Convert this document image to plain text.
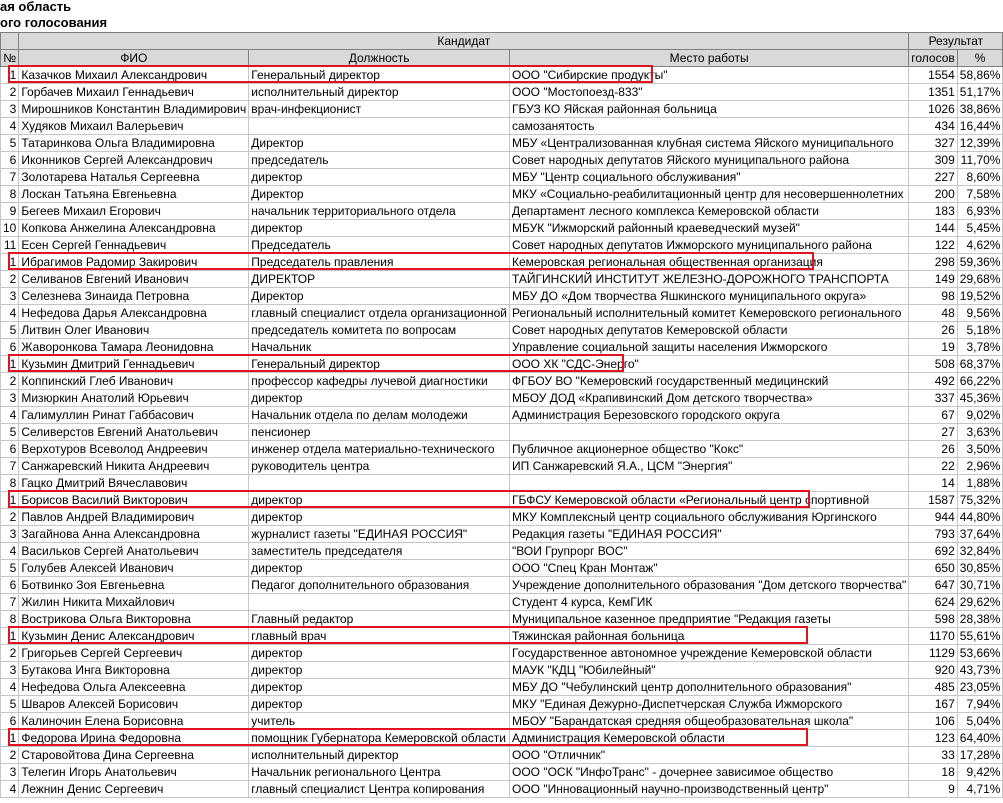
ая область
ого голосования
	Кандидат			Результат	
№	ФИО	Должность	Место работы	голосов	%
1	Казачков Михаил Александрович	Генеральный директор	ООО "Сибирские продукты"	1554	58,86%
2	Горбачев Михаил Геннадьевич	исполнительный директор	ООО "Мостопоезд-833"	1351	51,17%
3	Мирошников Константин Владимирович	врач-инфекционист	ГБУЗ КО Яйская районная больница	1026	38,86%
4	Худяков Михаил Валерьевич		самозанятость	434	16,44%
5	Татаринкова Ольга Владимировна	Директор	МБУ «Централизованная клубная система Яйского муниципального	327	12,39%
6	Иконников Сергей Александрович	председатель	Совет народных депутатов Яйского муниципального района	309	11,70%
7	Золотарева Наталья Сергеевна	директор	МБУ "Центр социального обслуживания"	227	8,60%
8	Лоскан Татьяна Евгеньевна	Директор	МКУ «Социально-реабилитационный центр для несовершеннолетних	200	7,58%
9	Бегеев Михаил Егорович	начальник территориального отдела	Департамент лесного комплекса Кемеровской области	183	6,93%
10	Копкова Анжелина Александровна	директор	МБУК "Ижморский районный краеведческий музей"	144	5,45%
11	Есен Сергей Геннадьевич	Председатель	Совет народных депутатов Ижморского муниципального района	122	4,62%
1	Ибрагимов Радомир Закирович	Председатель правления	Кемеровская региональная общественная организация	298	59,36%
2	Селиванов Евгений Иванович	ДИРЕКТОР	ТАЙГИНСКИЙ ИНСТИТУТ ЖЕЛЕЗНО-ДОРОЖНОГО ТРАНСПОРТА	149	29,68%
3	Селезнева Зинаида Петровна	Директор	МБУ ДО «Дом творчества Яшкинского муниципального округа»	98	19,52%
4	Нефедова Дарья Александровна	главный специалист отдела организационной	Региональный исполнительный комитет Кемеровского регионального	48	9,56%
5	Литвин Олег Иванович	председатель комитета по вопросам	Совет народных депутатов Кемеровской области	26	5,18%
6	Жаворонкова Тамара Леонидовна	Начальник	Управление социальной защиты населения Ижморского	19	3,78%
1	Кузьмин Дмитрий Геннадьевич	Генеральный директор	ООО ХК "СДС-Энерго"	508	68,37%
2	Коппинский Глеб Иванович	профессор кафедры лучевой диагностики	ФГБОУ ВО "Кемеровский государственный медицинский	492	66,22%
3	Мизюркин Анатолий Юрьевич	директор	МБОУ ДОД «Крапивинский Дом детского творчества»	337	45,36%
4	Галимуллин Ринат Габбасович	Начальник отдела по делам молодежи	Администрация Березовского городского округа	67	9,02%
5	Селиверстов Евгений Анатольевич	пенсионер		27	3,63%
6	Верхотуров Всеволод Андреевич	инженер отдела материально-технического	Публичное акционерное общество "Кокс"	26	3,50%
7	Санжаревский Никита Андреевич	руководитель центра	ИП Санжаревский Я.А., ЦСМ "Энергия"	22	2,96%
8	Гацко Дмитрий Вячеславович			14	1,88%
1	Борисов Василий Викторович	директор	ГБФСУ Кемеровской области «Региональный центр спортивной	1587	75,32%
2	Павлов Андрей Владимирович	директор	МКУ Комплексный центр социального обслуживания Юргинского	944	44,80%
3	Загайнова Анна Александровна	журналист газеты "ЕДИНАЯ РОССИЯ"	Редакция газеты "ЕДИНАЯ РОССИЯ"	793	37,64%
4	Васильков Сергей Анатольевич	заместитель председателя	"ВОИ Групрорг ВОС"	692	32,84%
5	Голубев Алексей Иванович	директор	ООО "Спец Кран Монтаж"	650	30,85%
6	Ботвинко Зоя Евгеньевна	Педагог дополнительного образования	Учреждение дополнительного образования "Дом детского творчества"	647	30,71%
7	Жилин Никита Михайлович		Студент 4 курса, КемГИК	624	29,62%
8	Вострикова Ольга Викторовна	Главный редактор	Муниципальное казенное предприятие "Редакция газеты	598	28,38%
1	Кузьмин Денис Александрович	главный врач	Тяжинская районная больница	1170	55,61%
2	Григорьев Сергей Сергеевич	директор	Государственное автономное учреждение Кемеровской области	1129	53,66%
3	Бутакова Инга Викторовна	директор	МАУК "КДЦ "Юбилейный"	920	43,73%
4	Нефедова Ольга Алексеевна	директор	МБУ ДО "Чебулинский центр дополнительного образования"	485	23,05%
5	Шваров Алексей Борисович	директор	МКУ "Единая Дежурно-Диспетчерская Служба Ижморского	167	7,94%
6	Калиночин Елена Борисовна	учитель	МБОУ "Барандатская средняя общеобразовательная школа"	106	5,04%
1	Федорова Ирина Федоровна	помощник Губернатора Кемеровской области	Администрация Кемеровской области	123	64,40%
2	Старовойтова Дина Сергеевна	исполнительный директор	ООО "Отличник"	33	17,28%
3	Телегин Игорь Анатольевич	Начальник регионального Центра	ООО "ОСК "ИнфоТранс" - дочернее зависимое общество	18	9,42%
4	Лежнин Денис Сергеевич	главный специалист Центра копирования	ООО "Инновационный научно-производственный центр"	9	4,71%
